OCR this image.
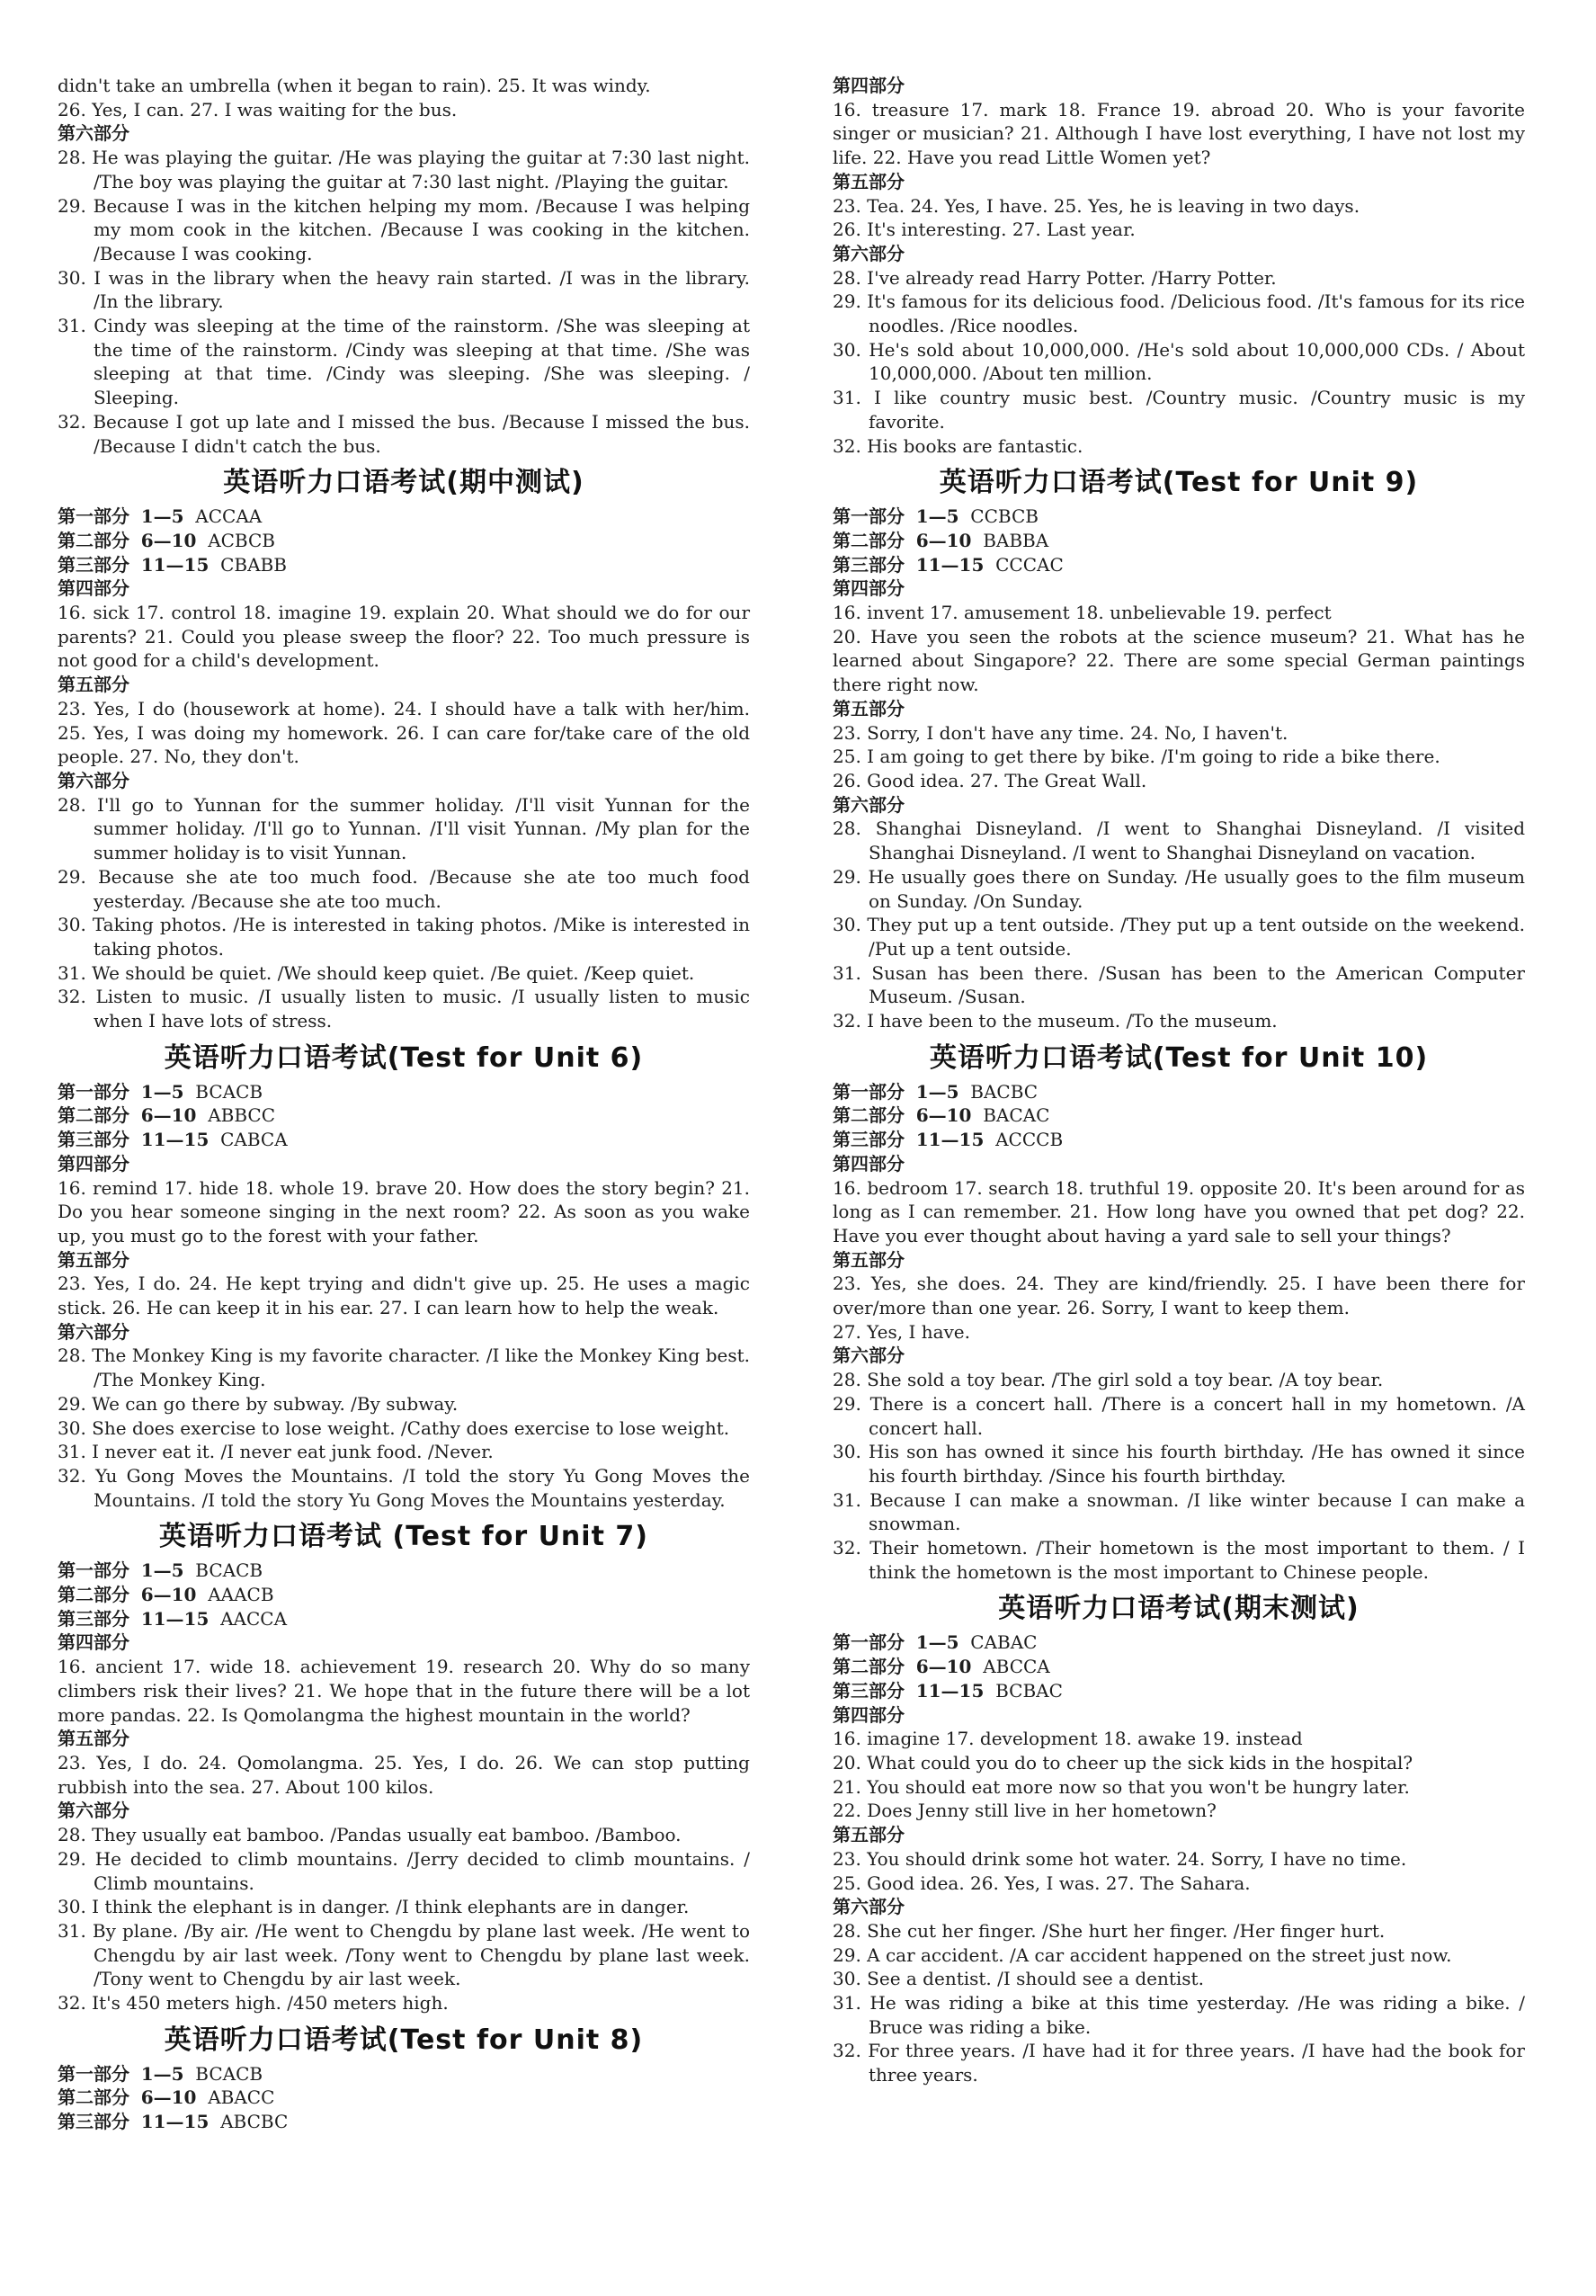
didn't take an umbrella (when it began to rain). 25. It was windy.

26. Yes, I can. 27. I was waiting for the bus.

第六部分

28. He was playing the guitar. /He was playing the guitar at 7:30 last night. /The boy was playing the guitar at 7:30 last night. /Playing the guitar.

29. Because I was in the kitchen helping my mom. /Because I was helping my mom cook in the kitchen. /Because I was cooking in the kitchen. /Because I was cooking.

30. I was in the library when the heavy rain started. /I was in the library. /In the library.

31. Cindy was sleeping at the time of the rainstorm. /She was sleeping at the time of the rainstorm. /Cindy was sleeping at that time. /She was sleeping at that time. /Cindy was sleeping. /She was sleeping. / Sleeping.

32. Because I got up late and I missed the bus. /Because I missed the bus. /Because I didn't catch the bus.

英语听力口语考试(期中测试)
第一部分 1—5 ACCAA
第二部分 6—10 ACBCB
第三部分 11—15 CBABB
第四部分

16. sick 17. control 18. imagine 19. explain 20. What should we do for our parents? 21. Could you please sweep the floor? 22. Too much pressure is not good for a child's development.

第五部分

23. Yes, I do (housework at home). 24. I should have a talk with her/him. 25. Yes, I was doing my homework. 26. I can care for/take care of the old people. 27. No, they don't.

第六部分

28. I'll go to Yunnan for the summer holiday. /I'll visit Yunnan for the summer holiday. /I'll go to Yunnan. /I'll visit Yunnan. /My plan for the summer holiday is to visit Yunnan.

29. Because she ate too much food. /Because she ate too much food yesterday. /Because she ate too much.

30. Taking photos. /He is interested in taking photos. /Mike is interested in taking photos.

31. We should be quiet. /We should keep quiet. /Be quiet. /Keep quiet.

32. Listen to music. /I usually listen to music. /I usually listen to music when I have lots of stress.

英语听力口语考试(Test for Unit 6)
第一部分 1—5 BCACB
第二部分 6—10 ABBCC
第三部分 11—15 CABCA
第四部分

16. remind 17. hide 18. whole 19. brave 20. How does the story begin? 21. Do you hear someone singing in the next room? 22. As soon as you wake up, you must go to the forest with your father.

第五部分

23. Yes, I do. 24. He kept trying and didn't give up. 25. He uses a magic stick. 26. He can keep it in his ear. 27. I can learn how to help the weak.

第六部分

28. The Monkey King is my favorite character. /I like the Monkey King best. /The Monkey King.

29. We can go there by subway. /By subway.

30. She does exercise to lose weight. /Cathy does exercise to lose weight.

31. I never eat it. /I never eat junk food. /Never.

32. Yu Gong Moves the Mountains. /I told the story Yu Gong Moves the Mountains. /I told the story Yu Gong Moves the Mountains yesterday.

英语听力口语考试 (Test for Unit 7)
第一部分 1—5 BCACB
第二部分 6—10 AAACB
第三部分 11—15 AACCA
第四部分

16. ancient 17. wide 18. achievement 19. research 20. Why do so many climbers risk their lives? 21. We hope that in the future there will be a lot more pandas. 22. Is Qomolangma the highest mountain in the world?

第五部分

23. Yes, I do. 24. Qomolangma. 25. Yes, I do. 26. We can stop putting rubbish into the sea. 27. About 100 kilos.

第六部分

28. They usually eat bamboo. /Pandas usually eat bamboo. /Bamboo.

29. He decided to climb mountains. /Jerry decided to climb mountains. / Climb mountains.

30. I think the elephant is in danger. /I think elephants are in danger.

31. By plane. /By air. /He went to Chengdu by plane last week. /He went to Chengdu by air last week. /Tony went to Chengdu by plane last week. /Tony went to Chengdu by air last week.

32. It's 450 meters high. /450 meters high.

英语听力口语考试(Test for Unit 8)
第一部分 1—5 BCACB
第二部分 6—10 ABACC
第三部分 11—15 ABCBC
第四部分

16. treasure 17. mark 18. France 19. abroad 20. Who is your favorite singer or musician? 21. Although I have lost everything, I have not lost my life. 22. Have you read Little Women yet?

第五部分

23. Tea. 24. Yes, I have. 25. Yes, he is leaving in two days.

26. It's interesting. 27. Last year.

第六部分

28. I've already read Harry Potter. /Harry Potter.

29. It's famous for its delicious food. /Delicious food. /It's famous for its rice noodles. /Rice noodles.

30. He's sold about 10,000,000. /He's sold about 10,000,000 CDs. / About 10,000,000. /About ten million.

31. I like country music best. /Country music. /Country music is my favorite.

32. His books are fantastic.

英语听力口语考试(Test for Unit 9)
第一部分 1—5 CCBCB
第二部分 6—10 BABBA
第三部分 11—15 CCCAC
第四部分

16. invent 17. amusement 18. unbelievable 19. perfect

20. Have you seen the robots at the science museum? 21. What has he learned about Singapore? 22. There are some special German paintings there right now.

第五部分

23. Sorry, I don't have any time. 24. No, I haven't.

25. I am going to get there by bike. /I'm going to ride a bike there.

26. Good idea. 27. The Great Wall.

第六部分

28. Shanghai Disneyland. /I went to Shanghai Disneyland. /I visited Shanghai Disneyland. /I went to Shanghai Disneyland on vacation.

29. He usually goes there on Sunday. /He usually goes to the film museum on Sunday. /On Sunday.

30. They put up a tent outside. /They put up a tent outside on the weekend. /Put up a tent outside.

31. Susan has been there. /Susan has been to the American Computer Museum. /Susan.

32. I have been to the museum. /To the museum.

英语听力口语考试(Test for Unit 10)
第一部分 1—5 BACBC
第二部分 6—10 BACAC
第三部分 11—15 ACCCB
第四部分

16. bedroom 17. search 18. truthful 19. opposite 20. It's been around for as long as I can remember. 21. How long have you owned that pet dog? 22. Have you ever thought about having a yard sale to sell your things?

第五部分

23. Yes, she does. 24. They are kind/friendly. 25. I have been there for over/more than one year. 26. Sorry, I want to keep them.

27. Yes, I have.

第六部分

28. She sold a toy bear. /The girl sold a toy bear. /A toy bear.

29. There is a concert hall. /There is a concert hall in my hometown. /A concert hall.

30. His son has owned it since his fourth birthday. /He has owned it since his fourth birthday. /Since his fourth birthday.

31. Because I can make a snowman. /I like winter because I can make a snowman.

32. Their hometown. /Their hometown is the most important to them. / I think the hometown is the most important to Chinese people.

英语听力口语考试(期末测试)
第一部分 1—5 CABAC
第二部分 6—10 ABCCA
第三部分 11—15 BCBAC
第四部分

16. imagine 17. development 18. awake 19. instead

20. What could you do to cheer up the sick kids in the hospital?

21. You should eat more now so that you won't be hungry later.

22. Does Jenny still live in her hometown?

第五部分

23. You should drink some hot water. 24. Sorry, I have no time.

25. Good idea. 26. Yes, I was. 27. The Sahara.

第六部分

28. She cut her finger. /She hurt her finger. /Her finger hurt.

29. A car accident. /A car accident happened on the street just now.

30. See a dentist. /I should see a dentist.

31. He was riding a bike at this time yesterday. /He was riding a bike. / Bruce was riding a bike.

32. For three years. /I have had it for three years. /I have had the book for three years.
